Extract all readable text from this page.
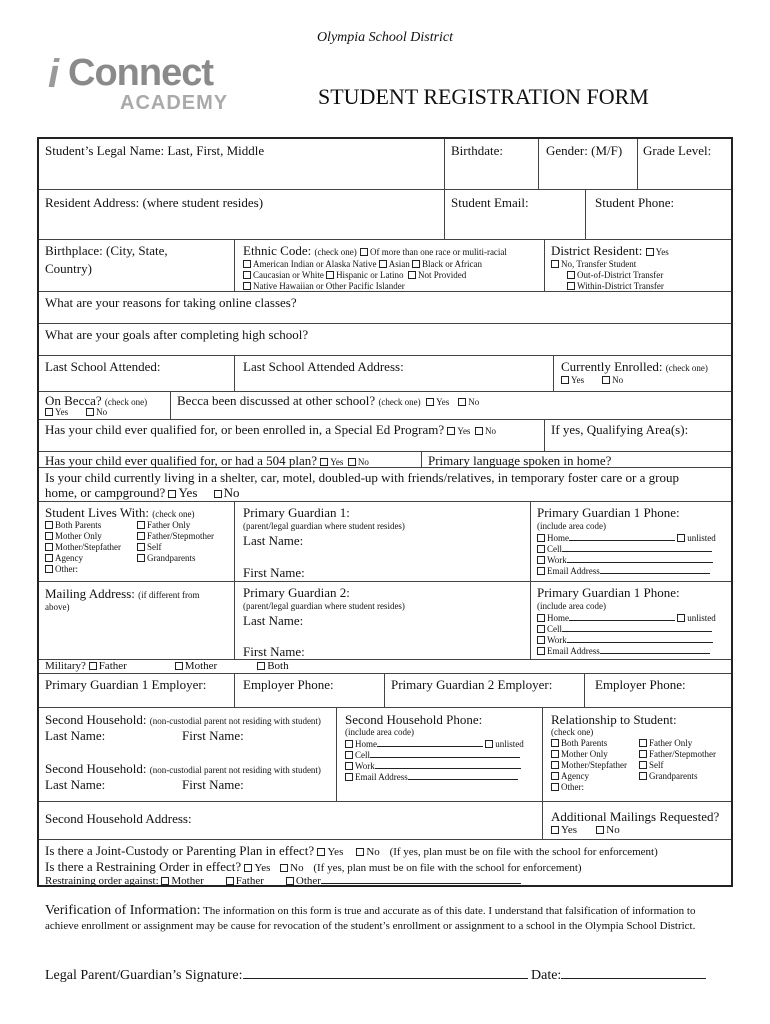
Olympia School District
i Connect
ACADEMY	STUDENT REGISTRATION FORM
Student’s Legal Name: Last, First, Middle	Birthdate:	Gender: (M/F) Grade Level:
Resident Address: (where student resides)	Student Email:	Student Phone:
Birthplace: (City, State,
Country)
Ethnic Code: (check one) Of more than one race or muliti-racial
American Indian or Alaska Native Asian Black or African
Caucasian or White Hispanic or Latino Not Provided
Native Hawaiian or Other Pacific Islander
District Resident: Yes
No, Transfer Student
Out-of-District Transfer
Within-District Transfer
What are your reasons for taking online classes?
What are your goals after completing high school?
Last School Attended:	Last School Attended Address:	Currently Enrolled: (check one)
Yes	No
On Becca? (check one)
Yes	No
Becca been discussed at other school? (check one) Yes No
Has your child ever qualified for, or been enrolled in, a Special Ed Program? Yes No	If yes, Qualifying Area(s):
Has your child ever qualified for, or had a 504 plan? Yes No	Primary language spoken in home?
Is your child currently living in a shelter, car, motel, doubled-up with friends/relatives, in temporary foster care or a group
home, or campground? Yes No
Student Lives With: (check one)
Both Parents	Father Only
Mother Only	Father/Stepmother
Mother/Stepfather	Self
Agency	Grandparents
Other:
Primary Guardian 1:
(parent/legal guardian where student resides)
Last Name:
First Name:
Primary Guardian 1 Phone:
(include area code)
Home	unlisted
Cell
Work
Email Address
Mailing Address: (if different from
above)
Primary Guardian 2:
(parent/legal guardian where student resides)
Last Name:
First Name:
Primary Guardian 1 Phone:
(include area code)
Home	unlisted
Cell
Work
Email Address
Military? Father	Mother	Both
Primary Guardian 1 Employer:	Employer Phone:	Primary Guardian 2 Employer:	Employer Phone:
Second Household: (non-custodial parent not residing with student)
Last Name:	First Name:
Second Household: (non-custodial parent not residing with student)
Last Name:	First Name:
Second Household Phone:
(include area code)
Home	unlisted
Cell
Work
Email Address
Relationship to Student:
(check one)
Both Parents	Father Only
Mother Only	Father/Stepmother
Mother/Stepfather	Self
Agency	Grandparents
Other:
Second Household Address:	Additional Mailings Requested?
Yes	No
Is there a Joint-Custody or Parenting Plan in effect? Yes No (If yes, plan must be on file with the school for enforcement)
Is there a Restraining Order in effect? Yes No (If yes, plan must be on file with the school for enforcement)
Restraining order against: Mother	Father	Other
Verification of Information: The information on this form is true and accurate as of this date. I understand that falsification of information to achieve enrollment or assignment may be cause for revocation of the student’s enrollment or assignment to a school in the Olympia School District.
Legal Parent/Guardian’s Signature:	Date:
